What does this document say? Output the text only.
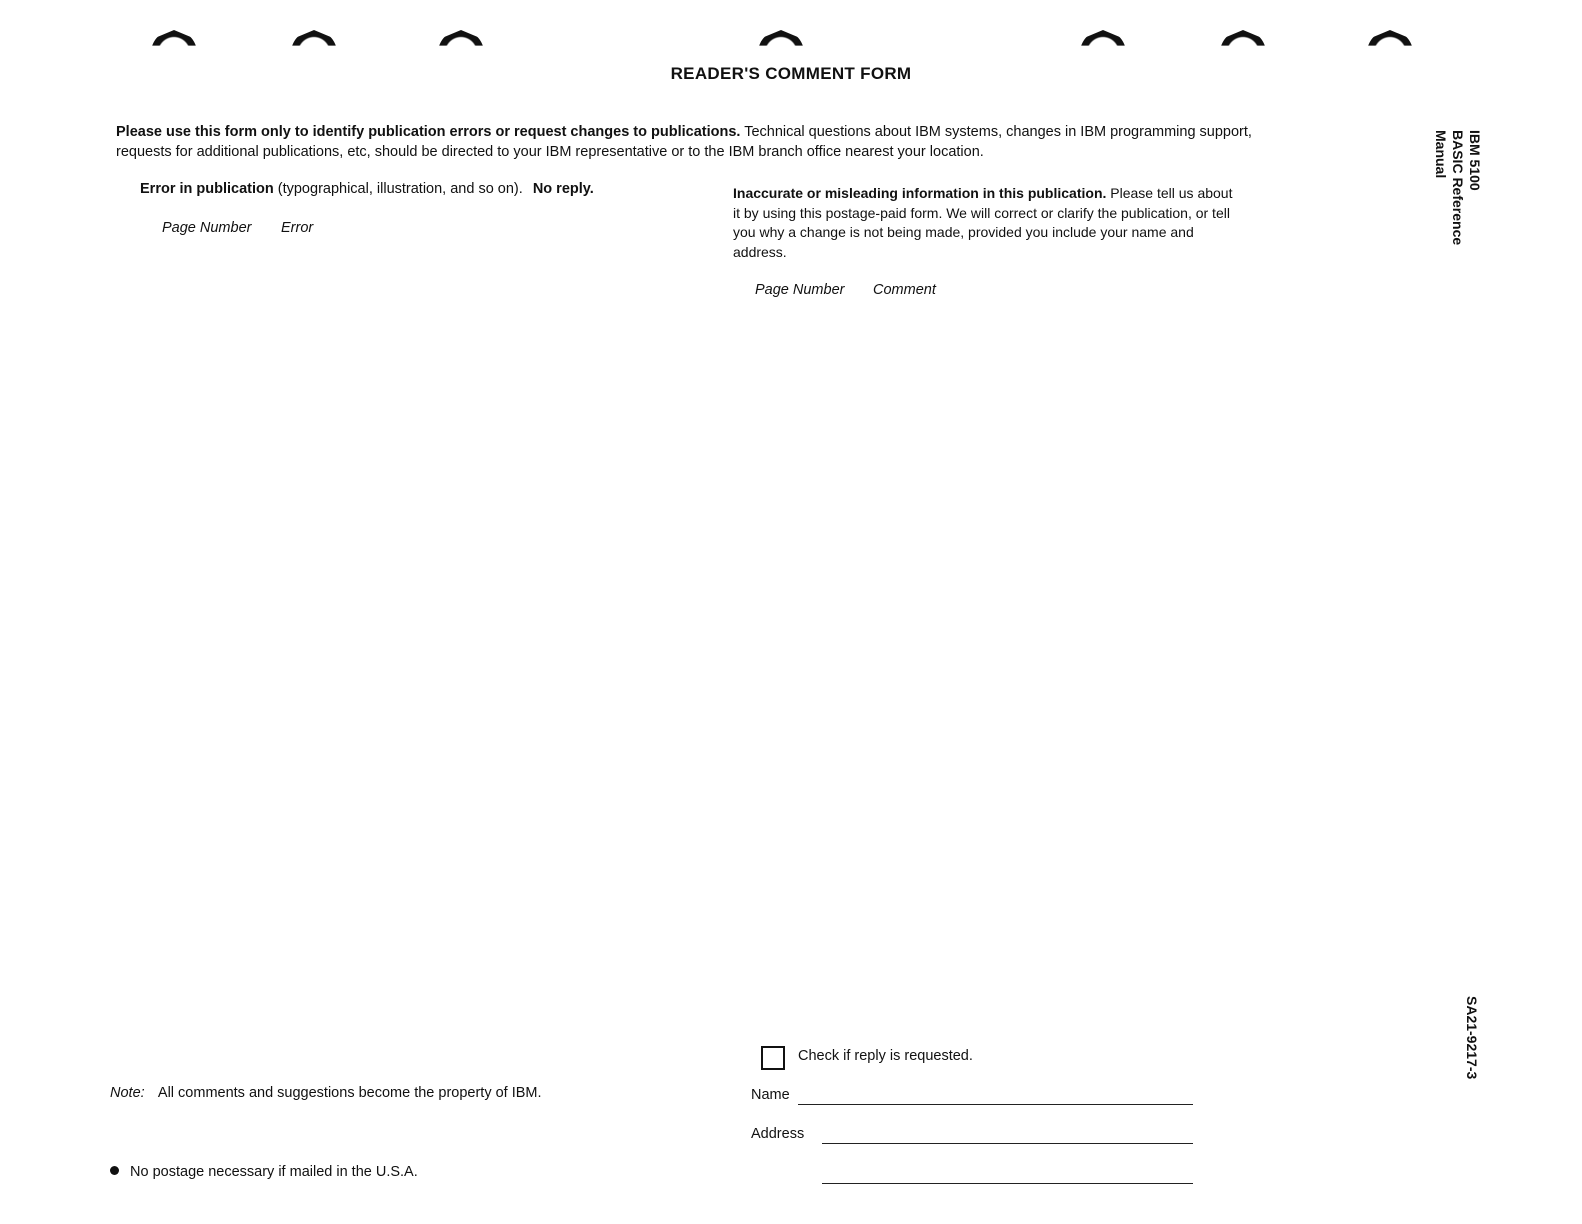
READER'S COMMENT FORM
Please use this form only to identify publication errors or request changes to publications. Technical questions about IBM systems, changes in IBM programming support, requests for additional publications, etc, should be directed to your IBM representative or to the IBM branch office nearest your location.
Error in publication (typographical, illustration, and so on). No reply.
Page Number Error
Inaccurate or misleading information in this publication. Please tell us about it by using this postage-paid form. We will correct or clarify the publication, or tell you why a change is not being made, provided you include your name and address.
Page Number Comment
IBM 5100
BASIC Reference
Manual
SA21-9217-3
Note: All comments and suggestions become the property of IBM.
No postage necessary if mailed in the U.S.A.
Check if reply is requested.
Name
Address
